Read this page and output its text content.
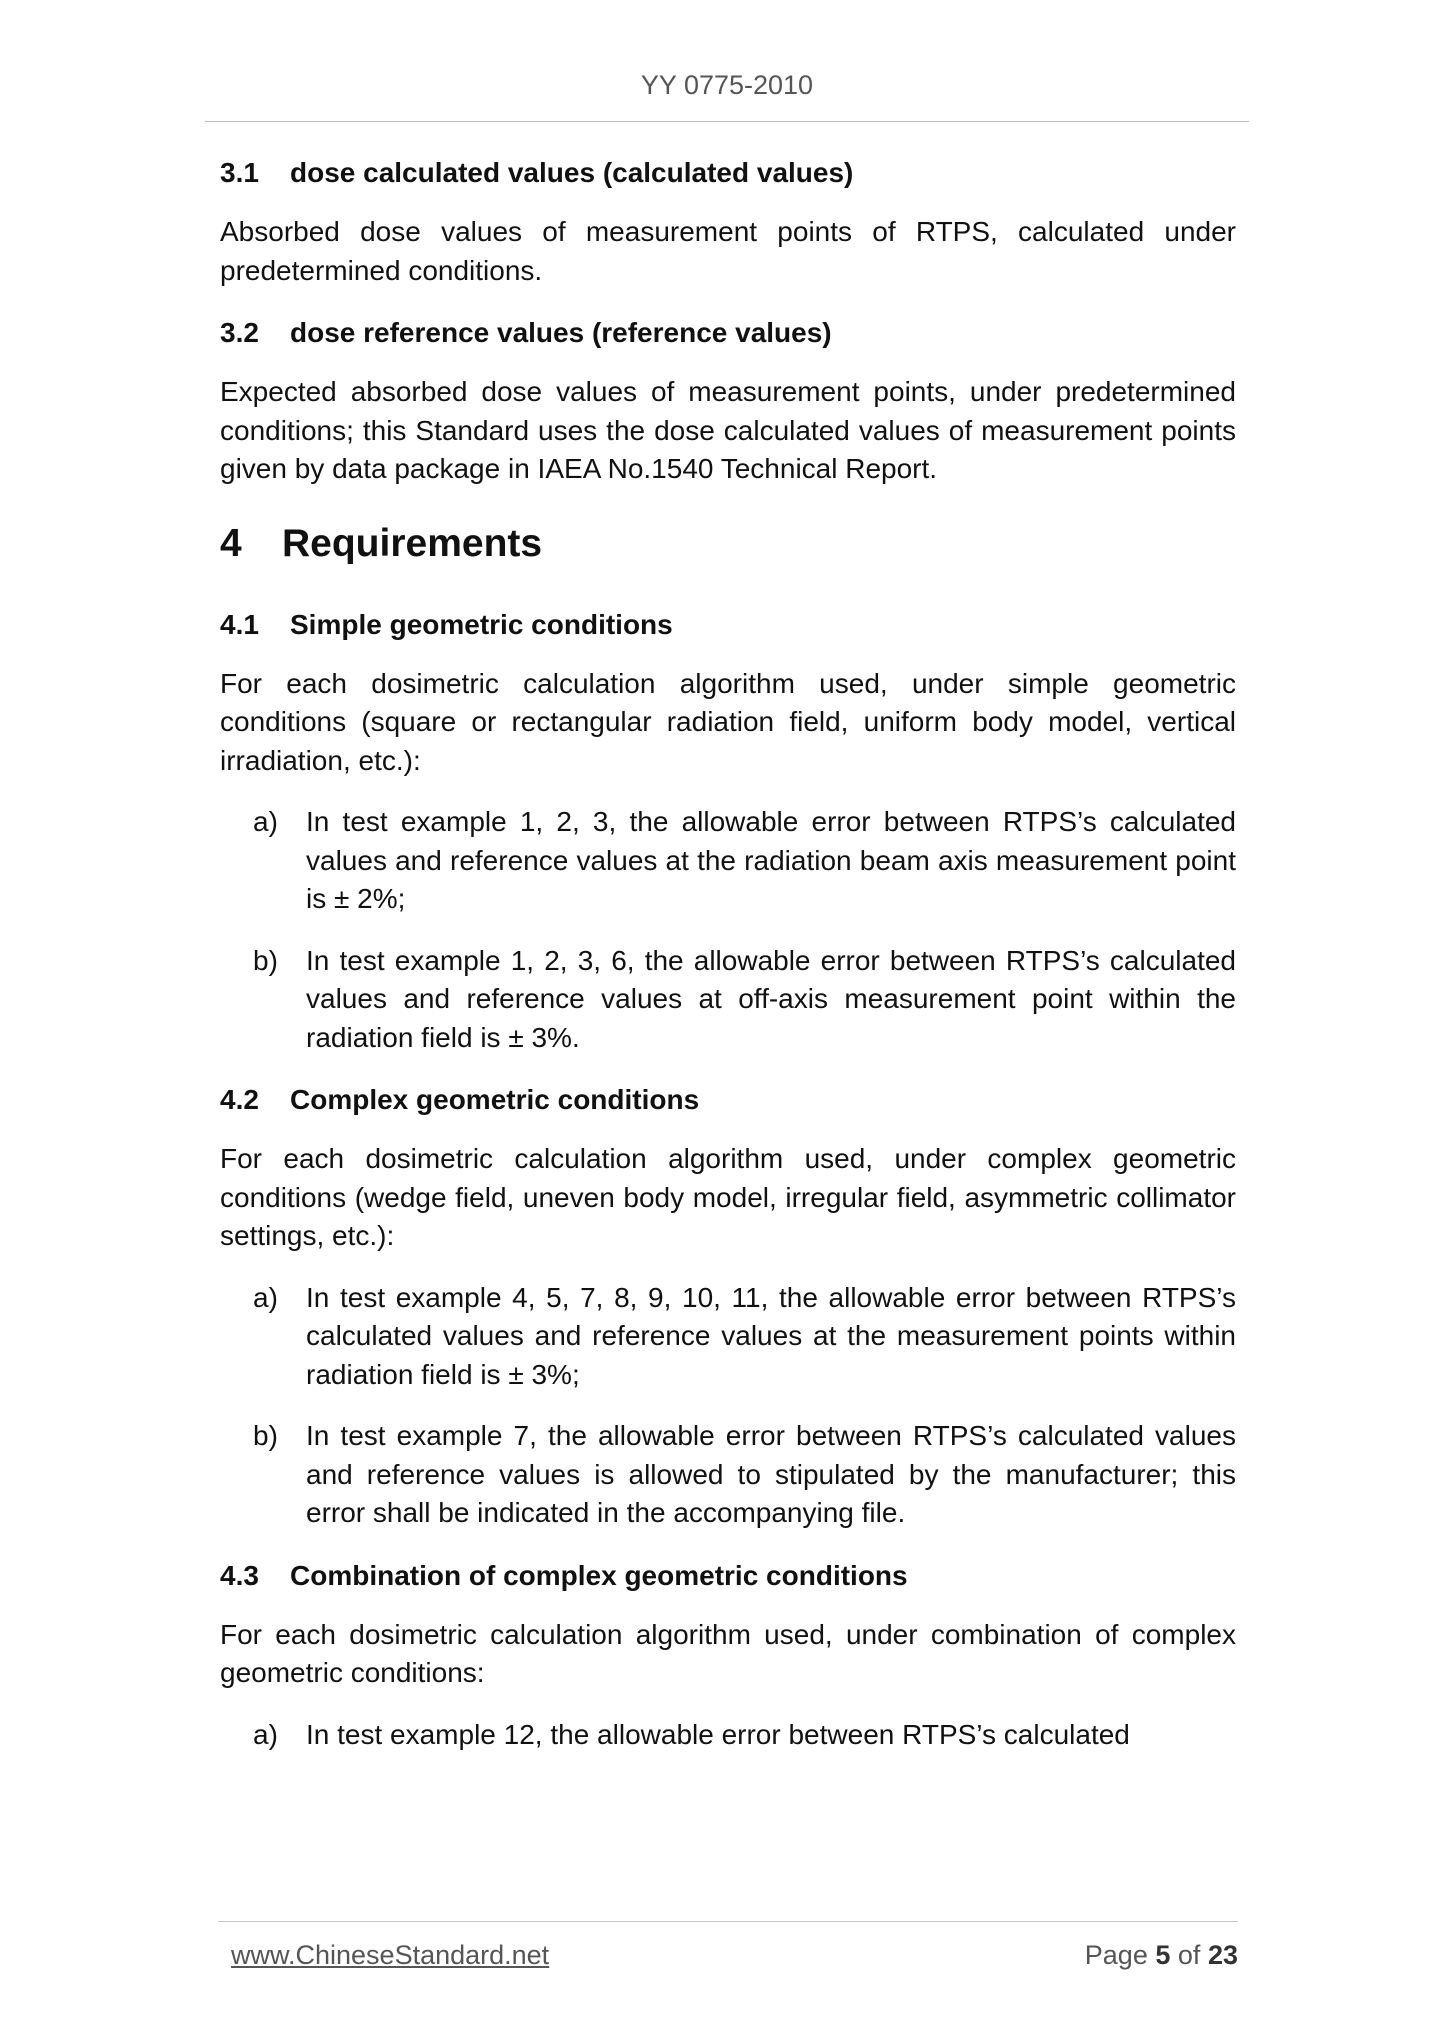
YY 0775-2010
3.1 dose calculated values (calculated values)
Absorbed dose values of measurement points of RTPS, calculated under predetermined conditions.
3.2 dose reference values (reference values)
Expected absorbed dose values of measurement points, under predetermined conditions; this Standard uses the dose calculated values of measurement points given by data package in IAEA No.1540 Technical Report.
4 Requirements
4.1 Simple geometric conditions
For each dosimetric calculation algorithm used, under simple geometric conditions (square or rectangular radiation field, uniform body model, vertical irradiation, etc.):
a) In test example 1, 2, 3, the allowable error between RTPS’s calculated values and reference values at the radiation beam axis measurement point is ± 2%;
b) In test example 1, 2, 3, 6, the allowable error between RTPS’s calculated values and reference values at off-axis measurement point within the radiation field is ± 3%.
4.2 Complex geometric conditions
For each dosimetric calculation algorithm used, under complex geometric conditions (wedge field, uneven body model, irregular field, asymmetric collimator settings, etc.):
a) In test example 4, 5, 7, 8, 9, 10, 11, the allowable error between RTPS’s calculated values and reference values at the measurement points within radiation field is ± 3%;
b) In test example 7, the allowable error between RTPS’s calculated values and reference values is allowed to stipulated by the manufacturer; this error shall be indicated in the accompanying file.
4.3 Combination of complex geometric conditions
For each dosimetric calculation algorithm used, under combination of complex geometric conditions:
a) In test example 12, the allowable error between RTPS’s calculated
www.ChineseStandard.net	Page 5 of 23
